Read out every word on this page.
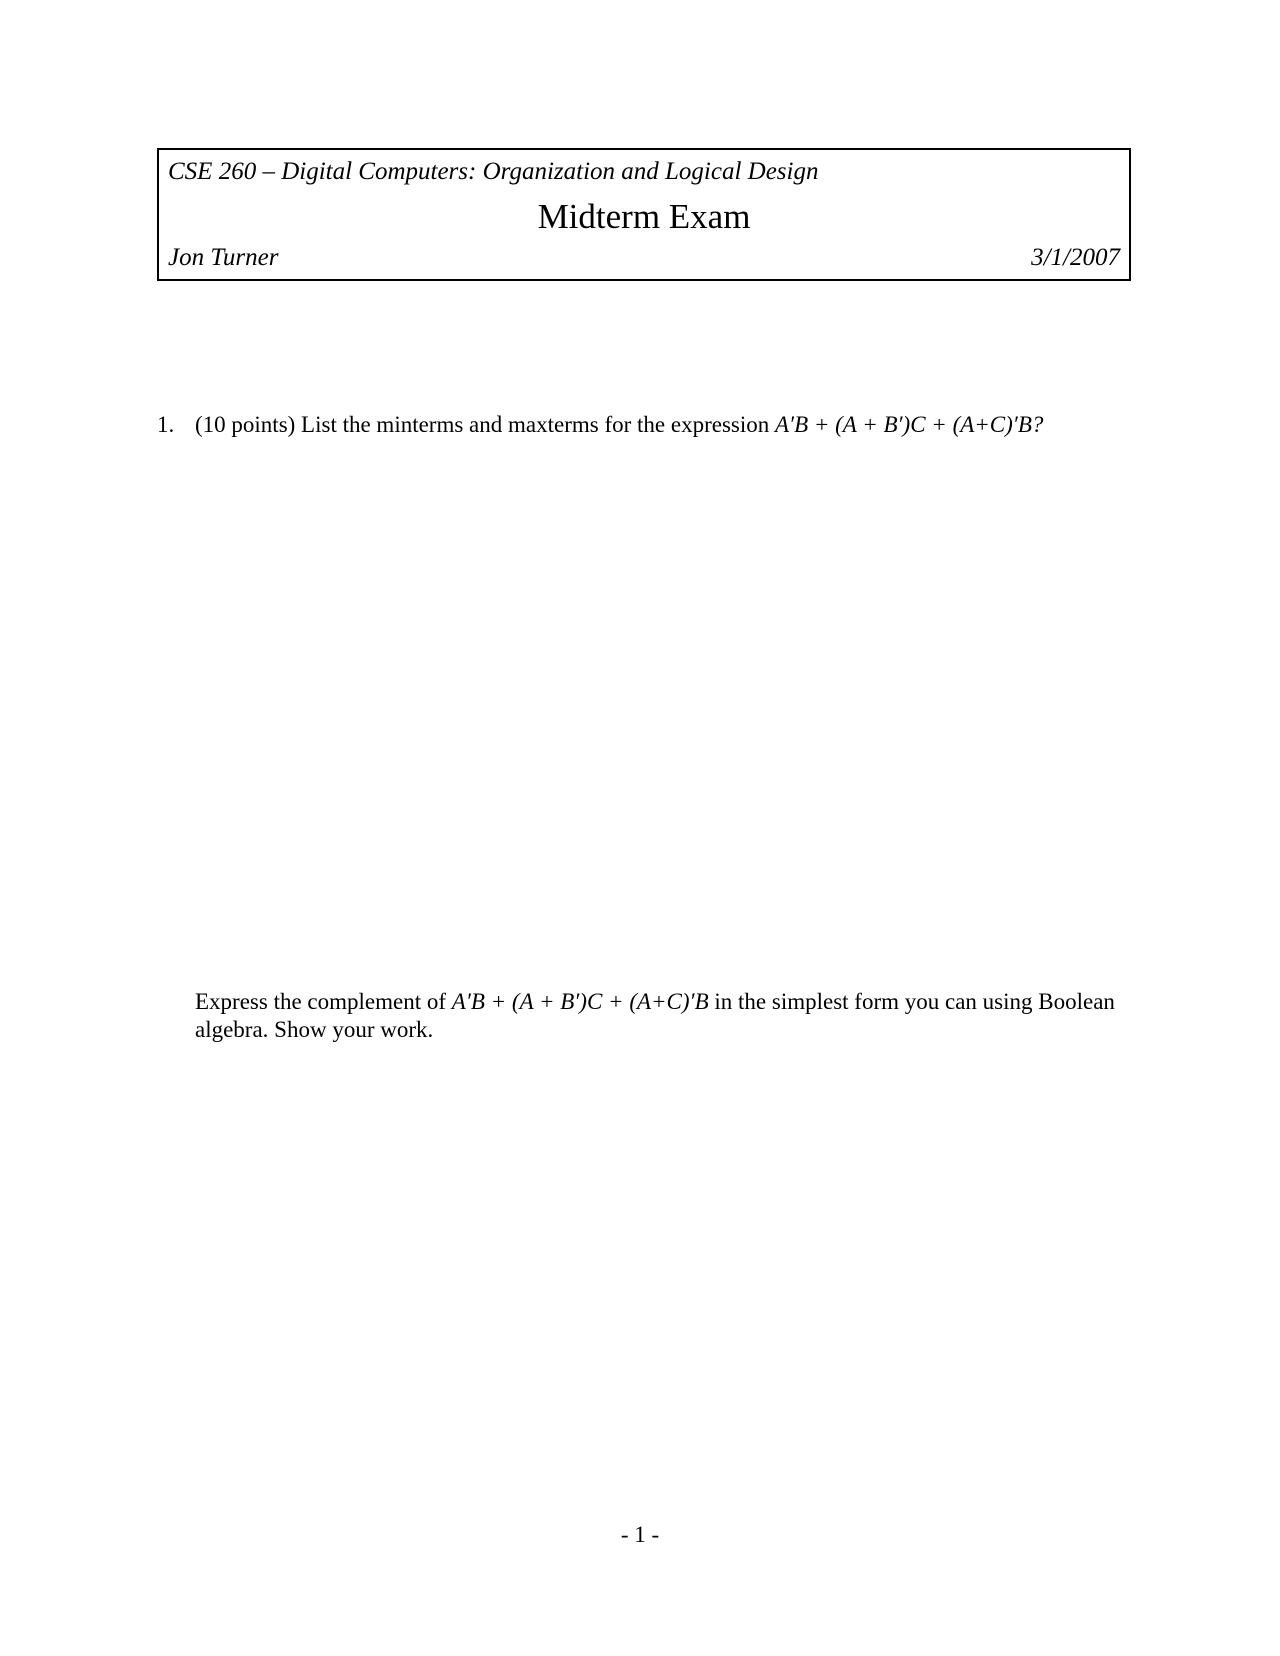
CSE 260 – Digital Computers: Organization and Logical Design
Midterm Exam
Jon Turner	3/1/2007
1. (10 points) List the minterms and maxterms for the expression A′B + (A + B′)C + (A+C)′B?
Express the complement of A′B + (A + B′)C + (A+C)′B in the simplest form you can using Boolean algebra. Show your work.
- 1 -
